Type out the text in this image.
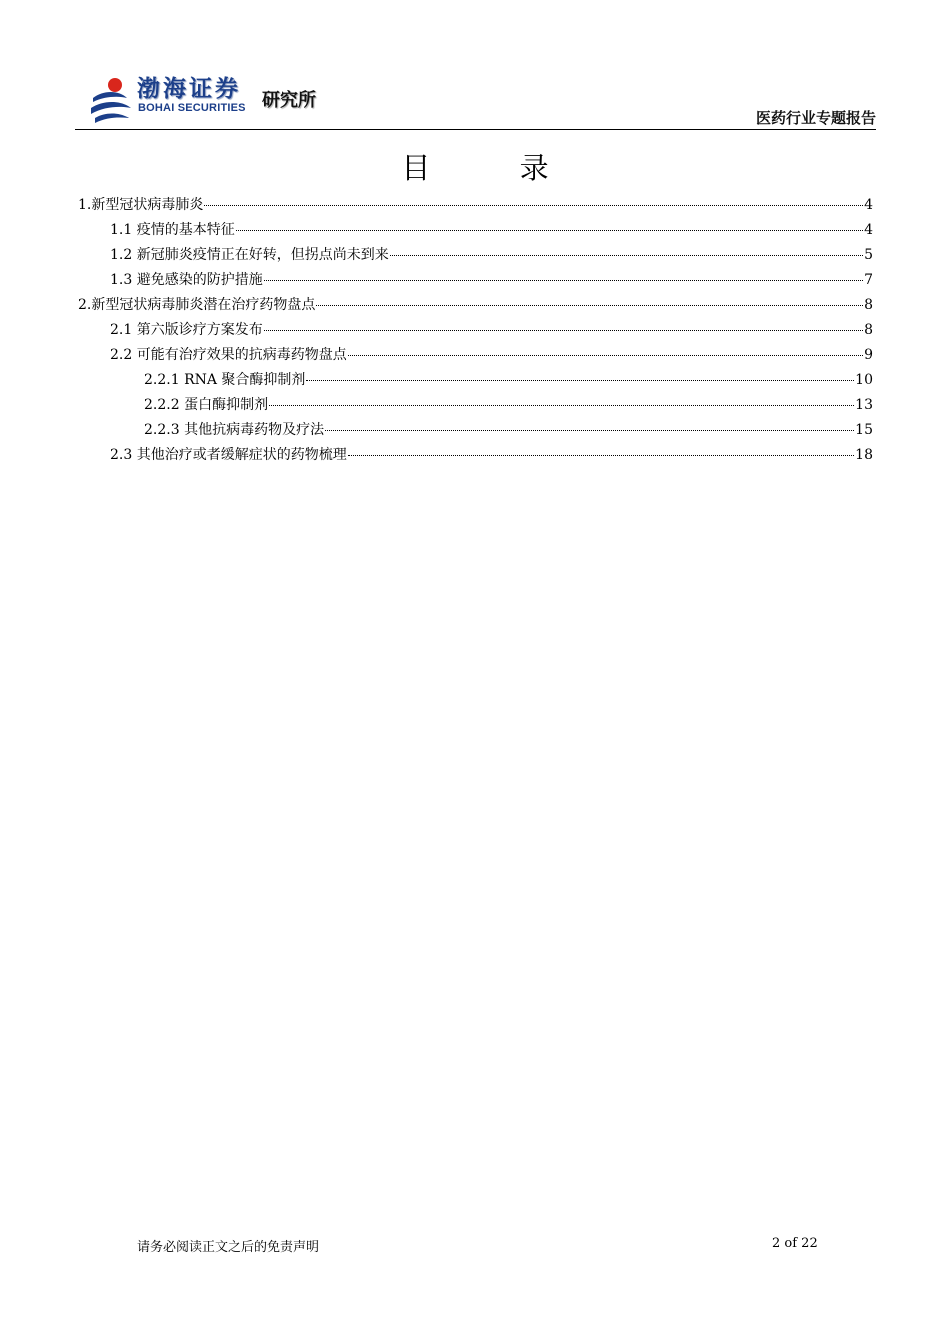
渤海证券
BOHAI SECURITIES 研究所
医药行业专题报告
目 录
1.新型冠状病毒肺炎	4
1.1 疫情的基本特征	4
1.2 新冠肺炎疫情正在好转，但拐点尚未到来	5
1.3 避免感染的防护措施	7
2.新型冠状病毒肺炎潜在治疗药物盘点	8
2.1 第六版诊疗方案发布	8
2.2 可能有治疗效果的抗病毒药物盘点	9
2.2.1 RNA 聚合酶抑制剂	10
2.2.2 蛋白酶抑制剂	13
2.2.3 其他抗病毒药物及疗法	15
2.3 其他治疗或者缓解症状的药物梳理	18
请务必阅读正文之后的免责声明	2 of 22
